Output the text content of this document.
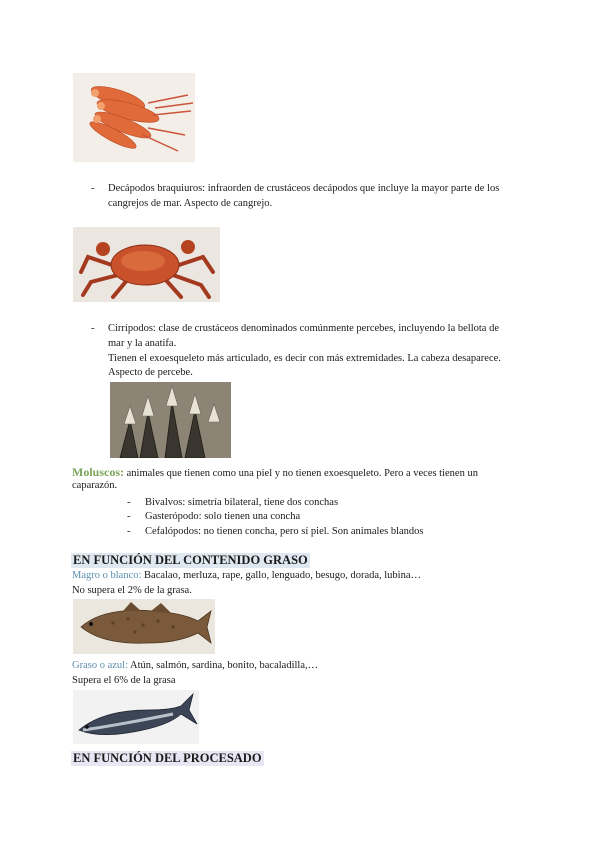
- Decápodos braquiuros: infraorden de crustáceos decápodos que incluye la mayor parte de los
cangrejos de mar. Aspecto de cangrejo.
- Cirrípodos: clase de crustáceos denominados comúnmente percebes, incluyendo la bellota de
mar y la anatifa.
Tienen el exoesqueleto más articulado, es decir con más extremidades. La cabeza desaparece.
Aspecto de percebe.
Moluscos: animales que tienen como una piel y no tienen exoesqueleto. Pero a veces tienen un
caparazón.
- Bivalvos: simetría bilateral, tiene dos conchas
- Gasterópodo: solo tienen una concha
- Cefalópodos: no tienen concha, pero sí piel. Son animales blandos
EN FUNCIÓN DEL CONTENIDO GRASO
Magro o blanco: Bacalao, merluza, rape, gallo, lenguado, besugo, dorada, lubina…
No supera el 2% de la grasa.
Graso o azul: Atún, salmón, sardina, bonito, bacaladilla,…
Supera el 6% de la grasa
EN FUNCIÓN DEL PROCESADO
